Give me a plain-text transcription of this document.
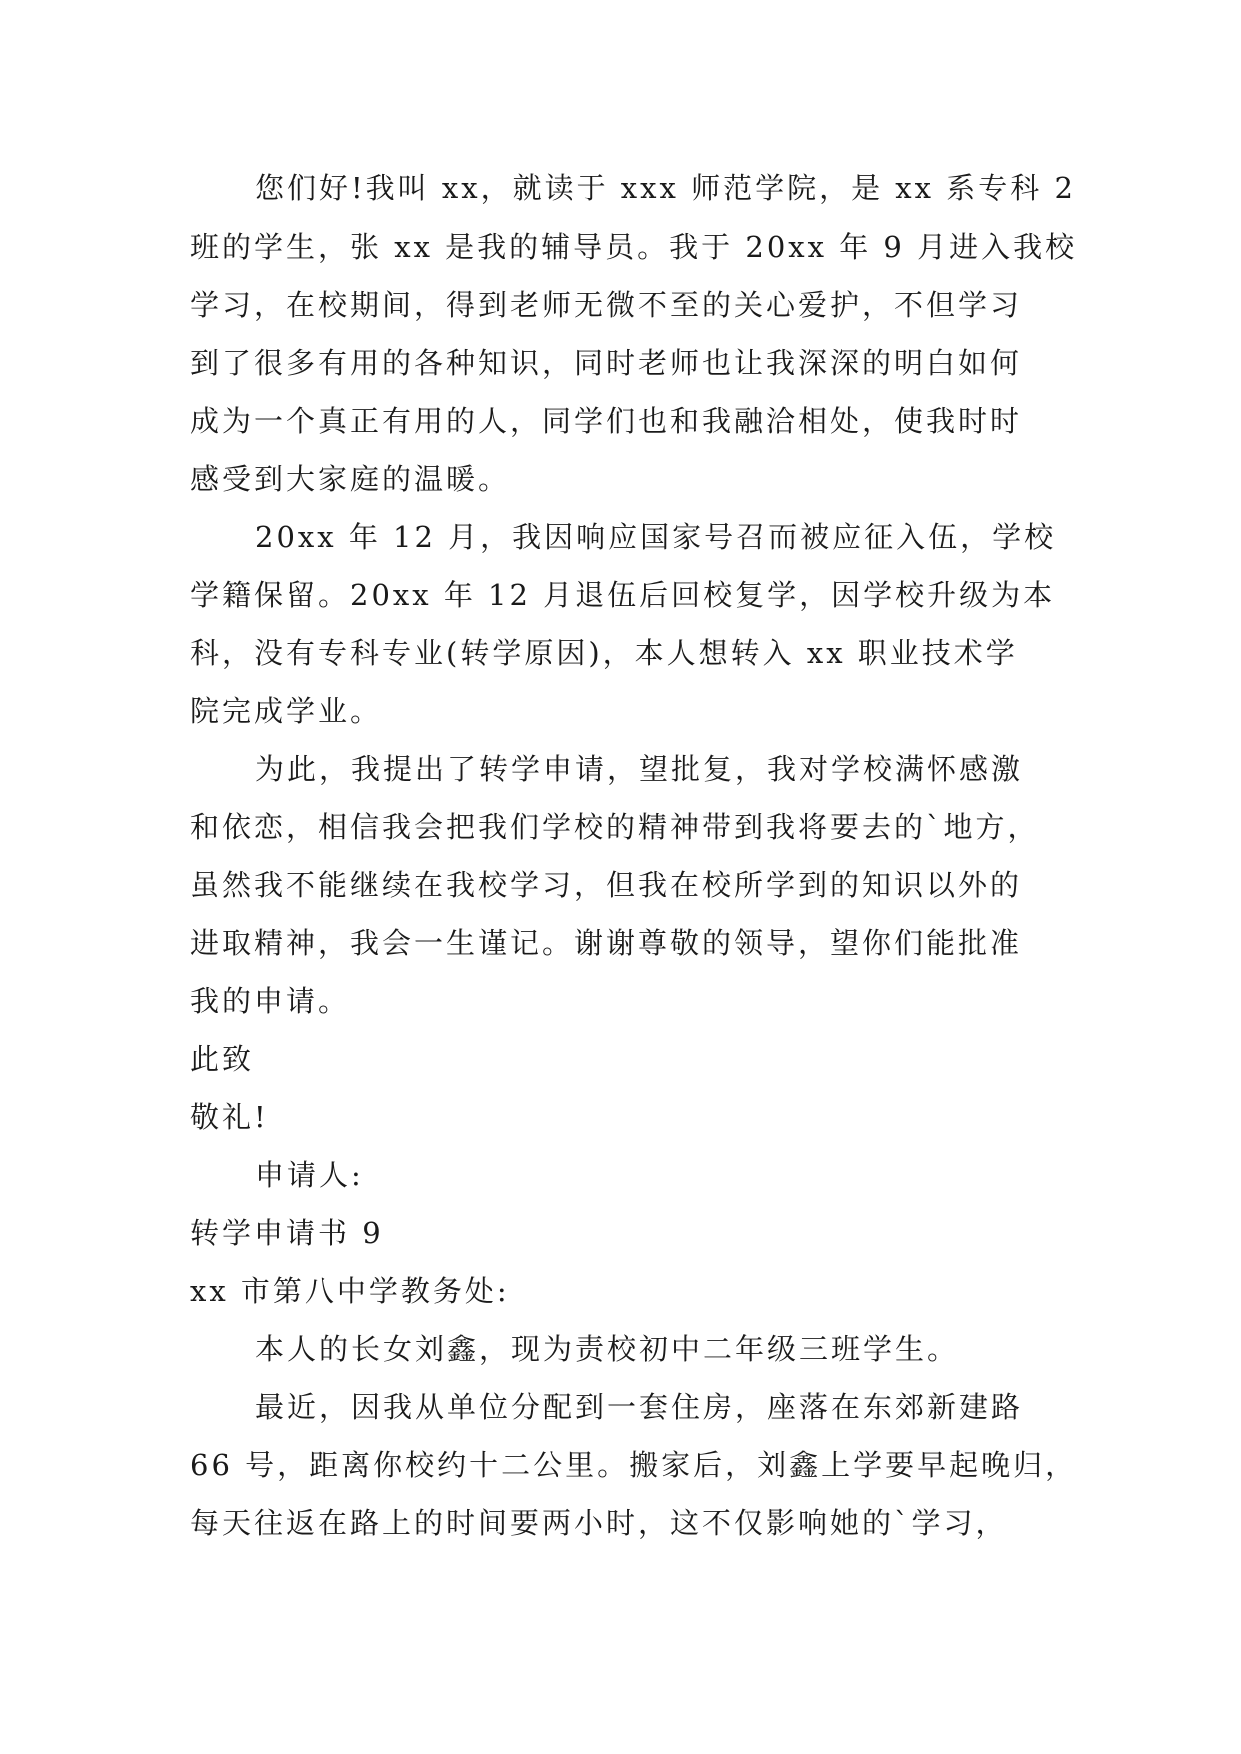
您们好!我叫 xx，就读于 xxx 师范学院，是 xx 系专科 2
班的学生，张 xx 是我的辅导员。我于 20xx 年 9 月进入我校
学习，在校期间，得到老师无微不至的关心爱护，不但学习
到了很多有用的各种知识，同时老师也让我深深的明白如何
成为一个真正有用的人，同学们也和我融洽相处，使我时时
感受到大家庭的温暖。
20xx 年 12 月，我因响应国家号召而被应征入伍，学校
学籍保留。20xx 年 12 月退伍后回校复学，因学校升级为本
科，没有专科专业(转学原因)，本人想转入 xx 职业技术学
院完成学业。
为此，我提出了转学申请，望批复，我对学校满怀感激
和依恋，相信我会把我们学校的精神带到我将要去的`地方，
虽然我不能继续在我校学习，但我在校所学到的知识以外的
进取精神，我会一生谨记。谢谢尊敬的领导，望你们能批准
我的申请。
此致
敬礼!
申请人:
转学申请书 9
xx 市第八中学教务处:
本人的长女刘鑫，现为责校初中二年级三班学生。
最近，因我从单位分配到一套住房，座落在东郊新建路
66 号，距离你校约十二公里。搬家后，刘鑫上学要早起晚归，
每天往返在路上的时间要两小时，这不仅影响她的`学习，
